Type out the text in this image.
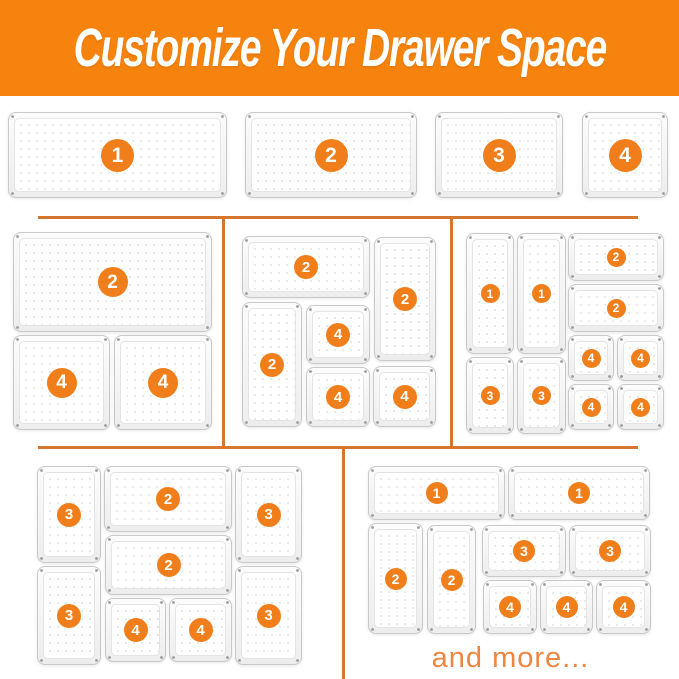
Customize Your Drawer Space
1	2	3	4
2
4	4
2
2
2
4
4	4
1	1
3	3
2
2
4	4
4	4
3
3
2
2
4	4
3
3
1	1
2	2
3	3
4	4	4
and more...
